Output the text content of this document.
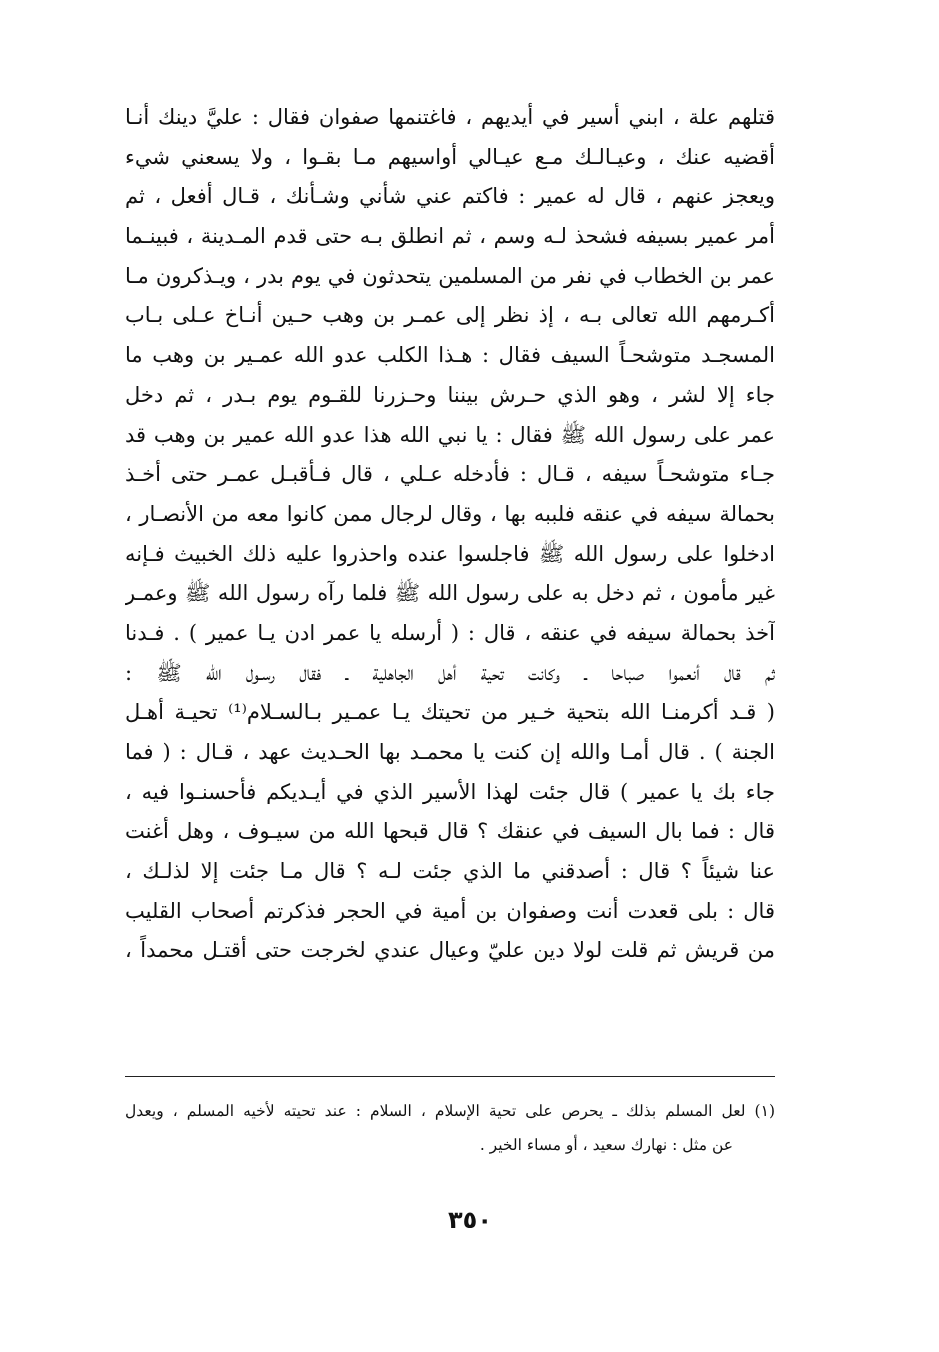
قتلهم علة ، ابني أسير في أيديهم ، فاغتنمها صفوان فقال : عليَّ دينك أنـا
أقضيه عنك ، وعيـالـك مـع عيـالي أواسيهم مـا بقـوا ، ولا يسعني شيء
ويعجز عنهم ، قال له عمير : فاكتم عني شأني وشـأنك ، قـال أفعل ، ثم
أمر عمير بسيفه فشحذ لـه وسم ، ثم انطلق بـه حتى قدم المـدينة ، فبينـما
عمر بن الخطاب في نفر من المسلمين يتحدثون في يوم بدر ، ويـذكرون مـا
أكـرمهم الله تعالى بـه ، إذ نظر إلى عمـر بن وهب حـين أنـاخ عـلى بـاب
المسجـد متوشحـاً السيف فقال : هـذا الكلب عدو الله عمـير بن وهب ما
جاء إلا لشر ، وهو الذي حـرش بيننا وحـزرنا للقـوم يوم بـدر ، ثم دخل
عمر على رسول الله ﷺ فقال : يا نبي الله هذا عدو الله عمير بن وهب قد
جـاء متوشحـاً سيفه ، قـال : فأدخله عـلي ، قال فـأقبـل عمـر حتى أخـذ
بحمالة سيفه في عنقه فلببه بها ، وقال لرجال ممن كانوا معه من الأنصـار ،
ادخلوا على رسول الله ﷺ فاجلسوا عنده واحذروا عليه ذلك الخبيث فـإنه
غير مأمون ، ثم دخل به على رسول الله ﷺ فلما رآه رسول الله ﷺ وعمـر
آخذ بحمالة سيفه في عنقه ، قال : ( أرسله يا عمر ادن يـا عمير ) . فـدنا
ثم قال أنعموا صباحا ـ وكانت تحية أهل الجاهلية ـ فقال رسـول الله ﷺ :
( قـد أكرمنـا الله بتحية خـير من تحيتك يـا عمـير بـالسـلام⁽¹⁾ تحيـة أهـل
الجنة ) . قال أمـا والله إن كنت يا محمـد بها الحـديث عهد ، قـال : ( فما
جاء بك يا عمير ) قال جئت لهذا الأسير الذي في أيـديكم فأحسنـوا فيه ،
قال : فما بال السيف في عنقك ؟ قال قبحها الله من سيـوف ، وهل أغنت
عنا شيئاً ؟ قال : أصدقني ما الذي جئت لـه ؟ قال مـا جئت إلا لذلـك ،
قال : بلى قعدت أنت وصفوان بن أمية في الحجر فذكرتم أصحاب القليب
من قريش ثم قلت لولا دين عليّ وعيال عندي لخرجت حتى أقتـل محمداً ،
(١) لعل المسلم بذلك ـ يحرص على تحية الإسلام ، السلام : عند تحيته لأخيه المسلم ، ويعدل
عن مثل : نهارك سعيد ، أو مساء الخير .
٣٥٠
